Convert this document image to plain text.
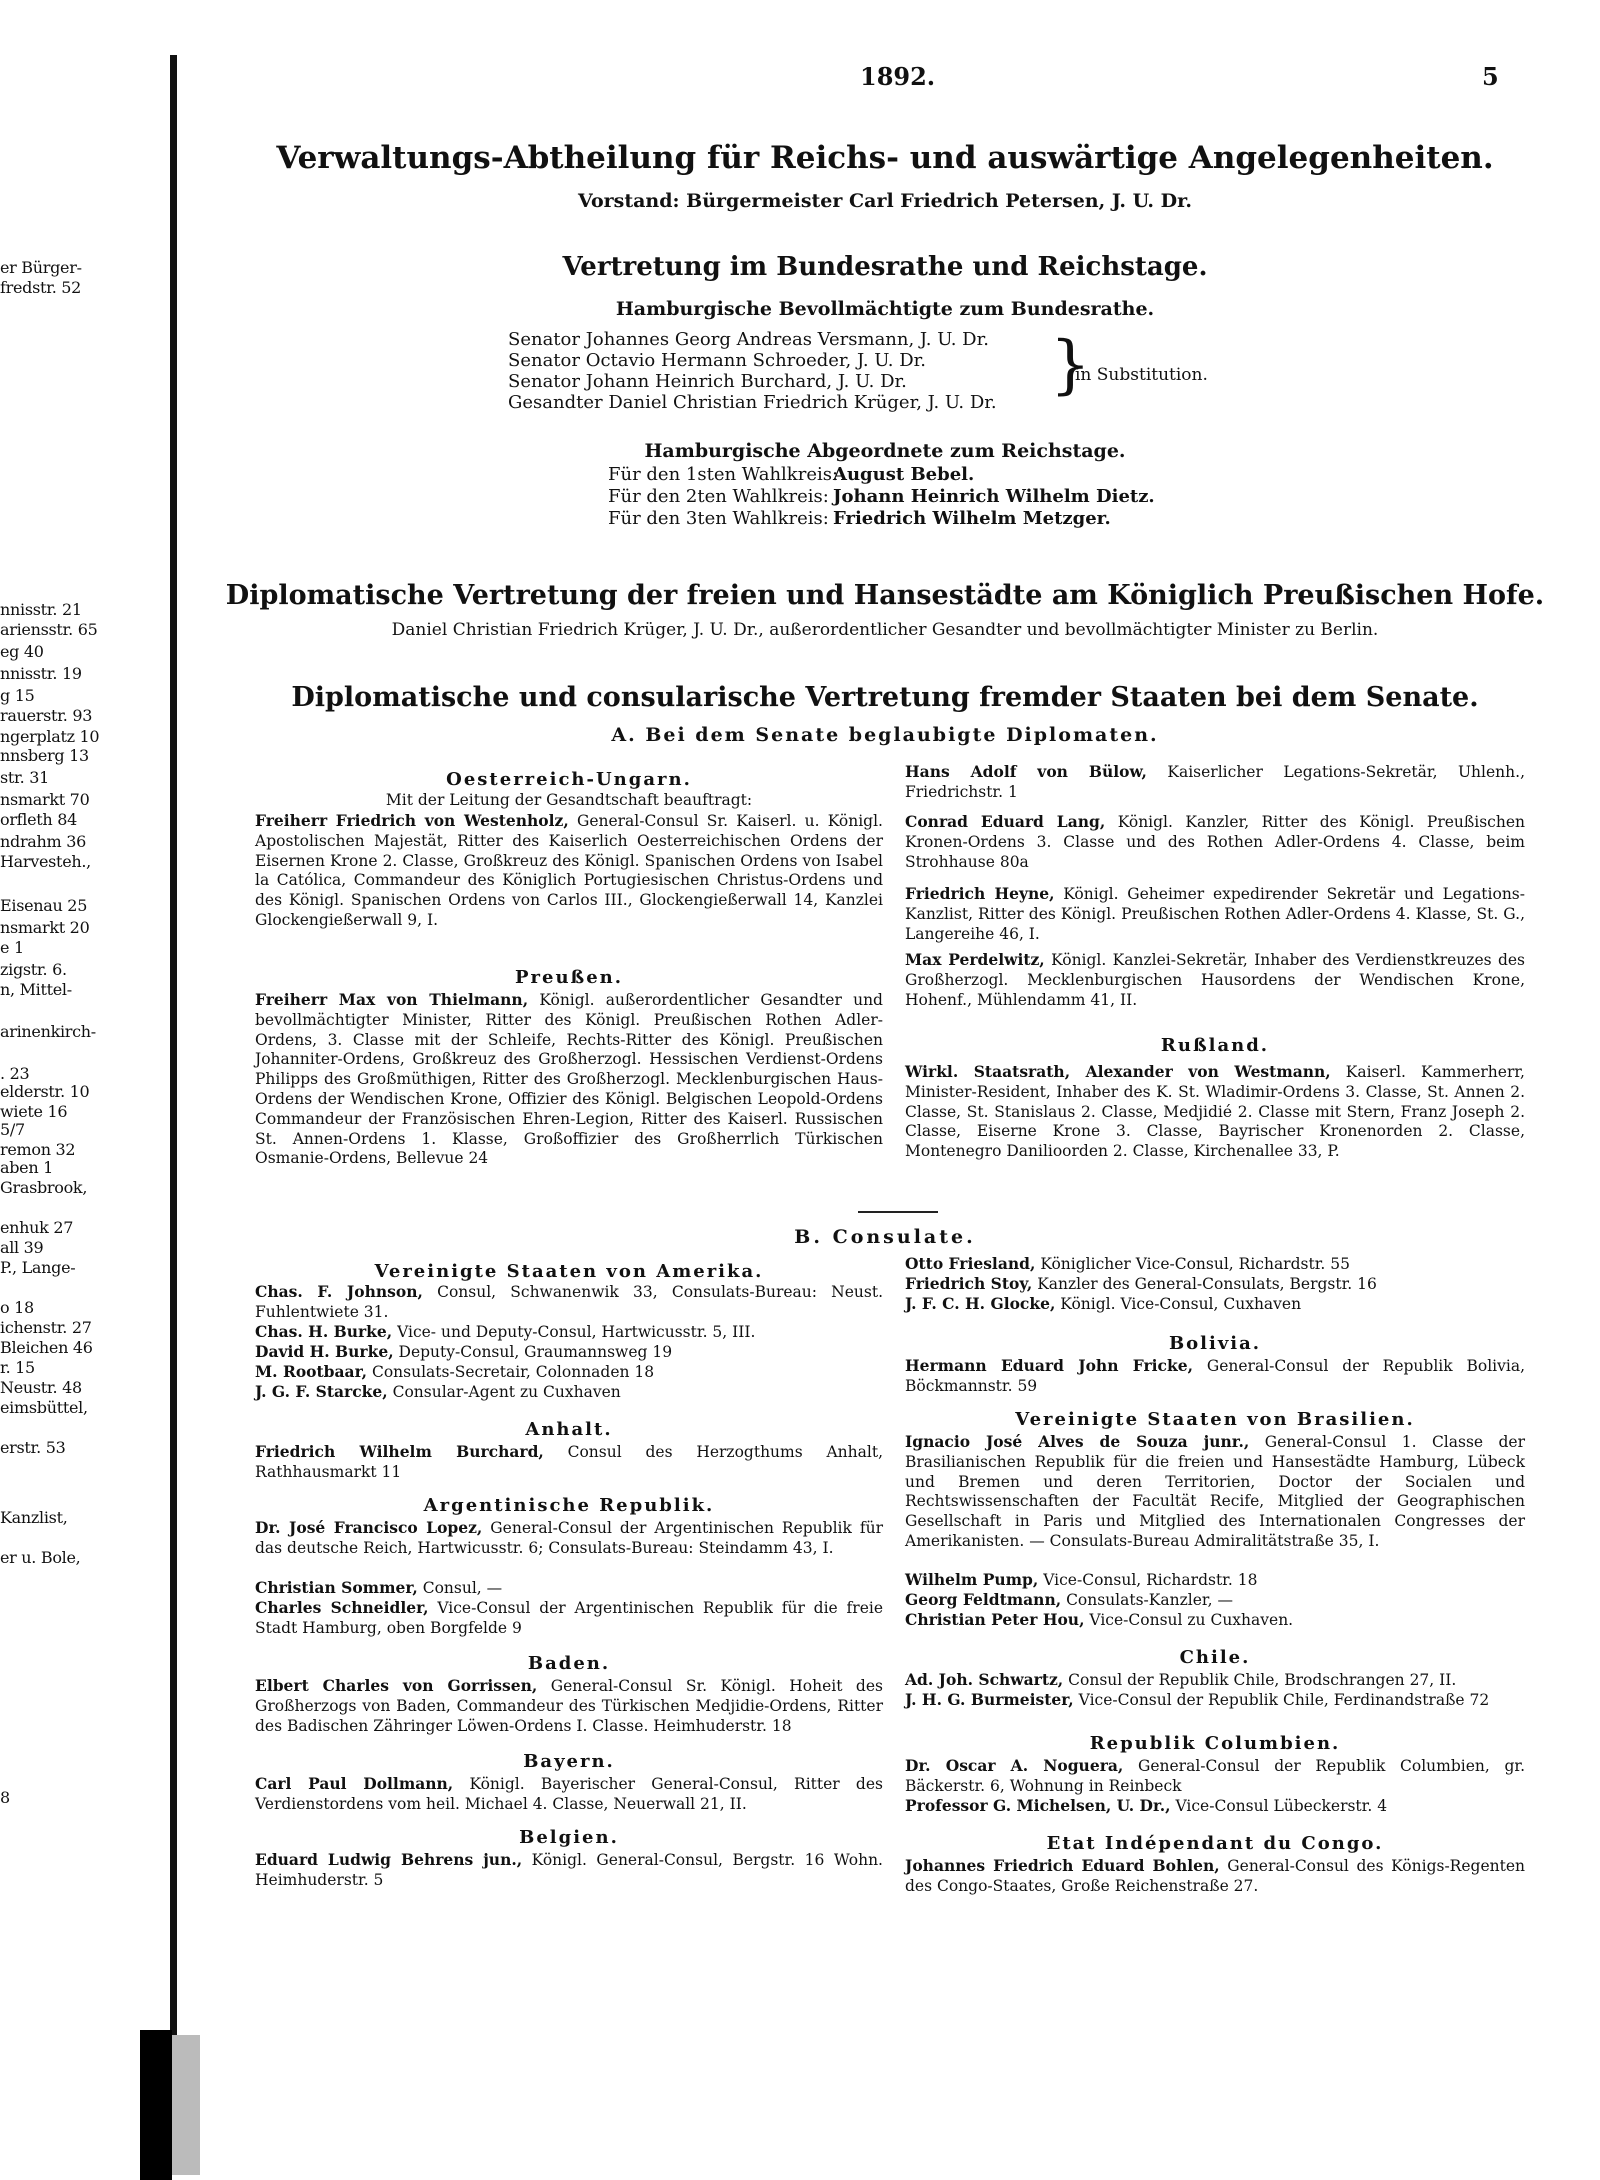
er Bürger-
fredstr. 52
nnisstr. 21
ariensstr. 65
eg 40
nnisstr. 19
g 15
rauerstr. 93
ngerplatz 10
nnsberg 13
str. 31
nsmarkt 70
orfleth 84
ndrahm 36
Harvesteh.,
Eisenau 25
nsmarkt 20
e 1
zigstr. 6.
n, Mittel-
arinenkirch-
. 23
elderstr. 10
wiete 16
5/7
remon 32
aben 1
Grasbrook,
enhuk 27
all 39
P., Lange-
o 18
ichenstr. 27
Bleichen 46
r. 15
Neustr. 48
eimsbüttel,
erstr. 53
Kanzlist,
er u. Bole,
8
1892.	5
Verwaltungs-Abtheilung für Reichs- und auswärtige Angelegenheiten.
Vorstand: Bürgermeister Carl Friedrich Petersen, J. U. Dr.
Vertretung im Bundesrathe und Reichstage.
Hamburgische Bevollmächtigte zum Bundesrathe.
Senator Johannes Georg Andreas Versmann, J. U. Dr.
Senator Octavio Hermann Schroeder, J. U. Dr.
Senator Johann Heinrich Burchard, J. U. Dr.
Gesandter Daniel Christian Friedrich Krüger, J. U. Dr.
}
in Substitution.
Hamburgische Abgeordnete zum Reichstage.
Für den 1sten Wahlkreis:August Bebel.
Für den 2ten Wahlkreis: Johann Heinrich Wilhelm Dietz.
Für den 3ten Wahlkreis: Friedrich Wilhelm Metzger.
Diplomatische Vertretung der freien und Hansestädte am Königlich Preußischen Hofe.
Daniel Christian Friedrich Krüger, J. U. Dr., außerordentlicher Gesandter und bevollmächtigter Minister zu Berlin.
Diplomatische und consularische Vertretung fremder Staaten bei dem Senate.
A. Bei dem Senate beglaubigte Diplomaten.
Oesterreich-Ungarn.
Mit der Leitung der Gesandtschaft beauftragt:
Freiherr Friedrich von Westenholz, General-Consul Sr. Kaiserl. u. Königl. Apostolischen Majestät, Ritter des Kaiserlich Oesterreichischen Ordens der Eisernen Krone 2. Classe, Großkreuz des Königl. Spanischen Ordens von Isabel la Católica, Commandeur des Königlich Portugiesischen Christus-Ordens und des Königl. Spanischen Ordens von Carlos III., Glockengießerwall 14, Kanzlei Glockengießerwall 9, I.
Preußen.
Freiherr Max von Thielmann, Königl. außerordentlicher Gesandter und bevollmächtigter Minister, Ritter des Königl. Preußischen Rothen Adler-Ordens, 3. Classe mit der Schleife, Rechts-Ritter des Königl. Preußischen Johanniter-Ordens, Großkreuz des Großherzogl. Hessischen Verdienst-Ordens Philipps des Großmüthigen, Ritter des Großherzogl. Mecklenburgischen Haus-Ordens der Wendischen Krone, Offizier des Königl. Belgischen Leopold-Ordens Commandeur der Französischen Ehren-Legion, Ritter des Kaiserl. Russischen St. Annen-Ordens 1. Klasse, Großoffizier des Großherrlich Türkischen Osmanie-Ordens, Bellevue 24
Hans Adolf von Bülow, Kaiserlicher Legations-Sekretär, Uhlenh., Friedrichstr. 1
Conrad Eduard Lang, Königl. Kanzler, Ritter des Königl. Preußischen Kronen-Ordens 3. Classe und des Rothen Adler-Ordens 4. Classe, beim Strohhause 80a
Friedrich Heyne, Königl. Geheimer expedirender Sekretär und Legations-Kanzlist, Ritter des Königl. Preußischen Rothen Adler-Ordens 4. Klasse, St. G., Langereihe 46, I.
Max Perdelwitz, Königl. Kanzlei-Sekretär, Inhaber des Verdienstkreuzes des Großherzogl. Mecklenburgischen Hausordens der Wendischen Krone, Hohenf., Mühlendamm 41, II.
Rußland.
Wirkl. Staatsrath, Alexander von Westmann, Kaiserl. Kammerherr, Minister-Resident, Inhaber des K. St. Wladimir-Ordens 3. Classe, St. Annen 2. Classe, St. Stanislaus 2. Classe, Medjidié 2. Classe mit Stern, Franz Joseph 2. Classe, Eiserne Krone 3. Classe, Bayrischer Kronenorden 2. Classe, Montenegro Danilioorden 2. Classe, Kirchenallee 33, P.
B. Consulate.
Vereinigte Staaten von Amerika.
Chas. F. Johnson, Consul, Schwanenwik 33, Consulats-Bureau: Neust. Fuhlentwiete 31.
Chas. H. Burke, Vice- und Deputy-Consul, Hartwicusstr. 5, III.
David H. Burke, Deputy-Consul, Graumannsweg 19
M. Rootbaar, Consulats-Secretair, Colonnaden 18
J. G. F. Starcke, Consular-Agent zu Cuxhaven
Anhalt.
Friedrich Wilhelm Burchard, Consul des Herzogthums Anhalt, Rathhausmarkt 11
Argentinische Republik.
Dr. José Francisco Lopez, General-Consul der Argentinischen Republik für das deutsche Reich, Hartwicusstr. 6; Consulats-Bureau: Steindamm 43, I.
Christian Sommer, Consul, —
Charles Schneidler, Vice-Consul der Argentinischen Republik für die freie Stadt Hamburg, oben Borgfelde 9
Baden.
Elbert Charles von Gorrissen, General-Consul Sr. Königl. Hoheit des Großherzogs von Baden, Commandeur des Türkischen Medjidie-Ordens, Ritter des Badischen Zähringer Löwen-Ordens I. Classe. Heimhuderstr. 18
Bayern.
Carl Paul Dollmann, Königl. Bayerischer General-Consul, Ritter des Verdienstordens vom heil. Michael 4. Classe, Neuerwall 21, II.
Belgien.
Eduard Ludwig Behrens jun., Königl. General-Consul, Bergstr. 16 Wohn. Heimhuderstr. 5
Otto Friesland, Königlicher Vice-Consul, Richardstr. 55
Friedrich Stoy, Kanzler des General-Consulats, Bergstr. 16
J. F. C. H. Glocke, Königl. Vice-Consul, Cuxhaven
Bolivia.
Hermann Eduard John Fricke, General-Consul der Republik Bolivia, Böckmannstr. 59
Vereinigte Staaten von Brasilien.
Ignacio José Alves de Souza junr., General-Consul 1. Classe der Brasilianischen Republik für die freien und Hansestädte Hamburg, Lübeck und Bremen und deren Territorien, Doctor der Socialen und Rechtswissenschaften der Facultät Recife, Mitglied der Geographischen Gesellschaft in Paris und Mitglied des Internationalen Congresses der Amerikanisten. — Consulats-Bureau Admiralitätstraße 35, I.
Wilhelm Pump, Vice-Consul, Richardstr. 18
Georg Feldtmann, Consulats-Kanzler, —
Christian Peter Hou, Vice-Consul zu Cuxhaven.
Chile.
Ad. Joh. Schwartz, Consul der Republik Chile, Brodschrangen 27, II.
J. H. G. Burmeister, Vice-Consul der Republik Chile, Ferdinandstraße 72
Republik Columbien.
Dr. Oscar A. Noguera, General-Consul der Republik Columbien, gr. Bäckerstr. 6, Wohnung in Reinbeck
Professor G. Michelsen, U. Dr., Vice-Consul Lübeckerstr. 4
Etat Indépendant du Congo.
Johannes Friedrich Eduard Bohlen, General-Consul des Königs-Regenten des Congo-Staates, Große Reichenstraße 27.
